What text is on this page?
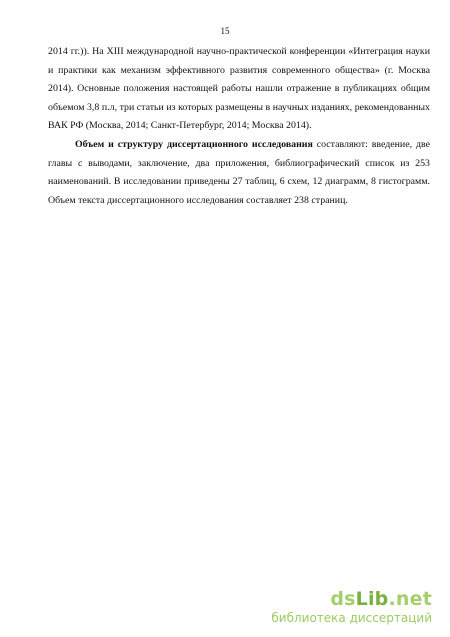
15

2014 гг.)). На XIII международной научно-практической конференции «Интеграция науки и практики как механизм эффективного развития современного общества» (г. Москва 2014). Основные положения настоящей работы нашли отражение в публикациях общим объемом 3,8 п.л, три статьи из которых размещены в научных изданиях, рекомендованных ВАК РФ (Москва, 2014; Санкт-Петербург, 2014; Москва 2014).

Объем и структуру диссертационного исследования составляют: введение, две главы с выводами, заключение, два приложения, библиографический список из 253 наименований. В исследовании приведены 27 таблиц, 6 схем, 12 диаграмм, 8 гистограмм. Объем текста диссертационного исследования составляет 238 страниц.

dsLib.net
библиотека диссертаций
